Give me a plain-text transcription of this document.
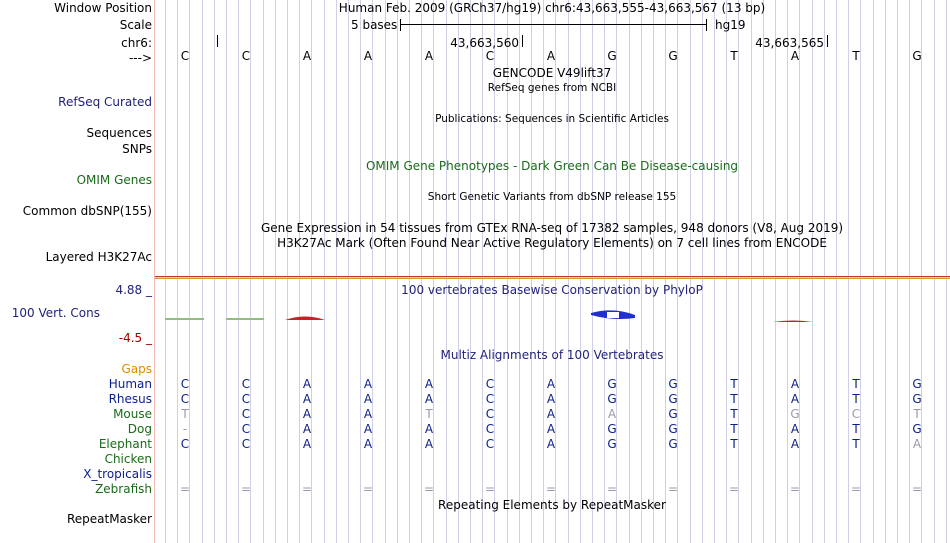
Window Position	Human Feb. 2009 (GRCh37/hg19) chr6:43,663,555-43,663,567 (13 bp)
Scale	5 bases	hg19
chr6:	43,663,560	43,663,565
--->	C	C	A	A	A	C	A	G	G	T	A	T	G
GENCODE V49lift37
RefSeq genes from NCBI
RefSeq Curated
Publications: Sequences in Scientific Articles
Sequences
SNPs
OMIM Gene Phenotypes - Dark Green Can Be Disease-causing
OMIM Genes
Short Genetic Variants from dbSNP release 155
Common dbSNP(155)
Gene Expression in 54 tissues from GTEx RNA-seq of 17382 samples, 948 donors (V8, Aug 2019)
H3K27Ac Mark (Often Found Near Active Regulatory Elements) on 7 cell lines from ENCODE
Layered H3K27Ac
4.88 _	100 vertebrates Basewise Conservation by PhyloP
100 Vert. Cons
-4.5 _
Multiz Alignments of 100 Vertebrates
Gaps
Human	C	C	A	A	A	C	A	G	G	T	A	T	G
Rhesus	C	C	A	A	A	C	A	G	G	T	A	T	G
Mouse	T	C	A	A	T	C	A	A	G	T	G	C	T
Dog	-	C	A	A	A	C	A	G	G	T	A	T	G
Elephant	C	C	A	A	A	C	A	G	G	T	A	T	A
Chicken
X_tropicalis
Zebrafish	=	=	=	=	=	=	=	=	=	=	=	=	=
Repeating Elements by RepeatMasker
RepeatMasker
